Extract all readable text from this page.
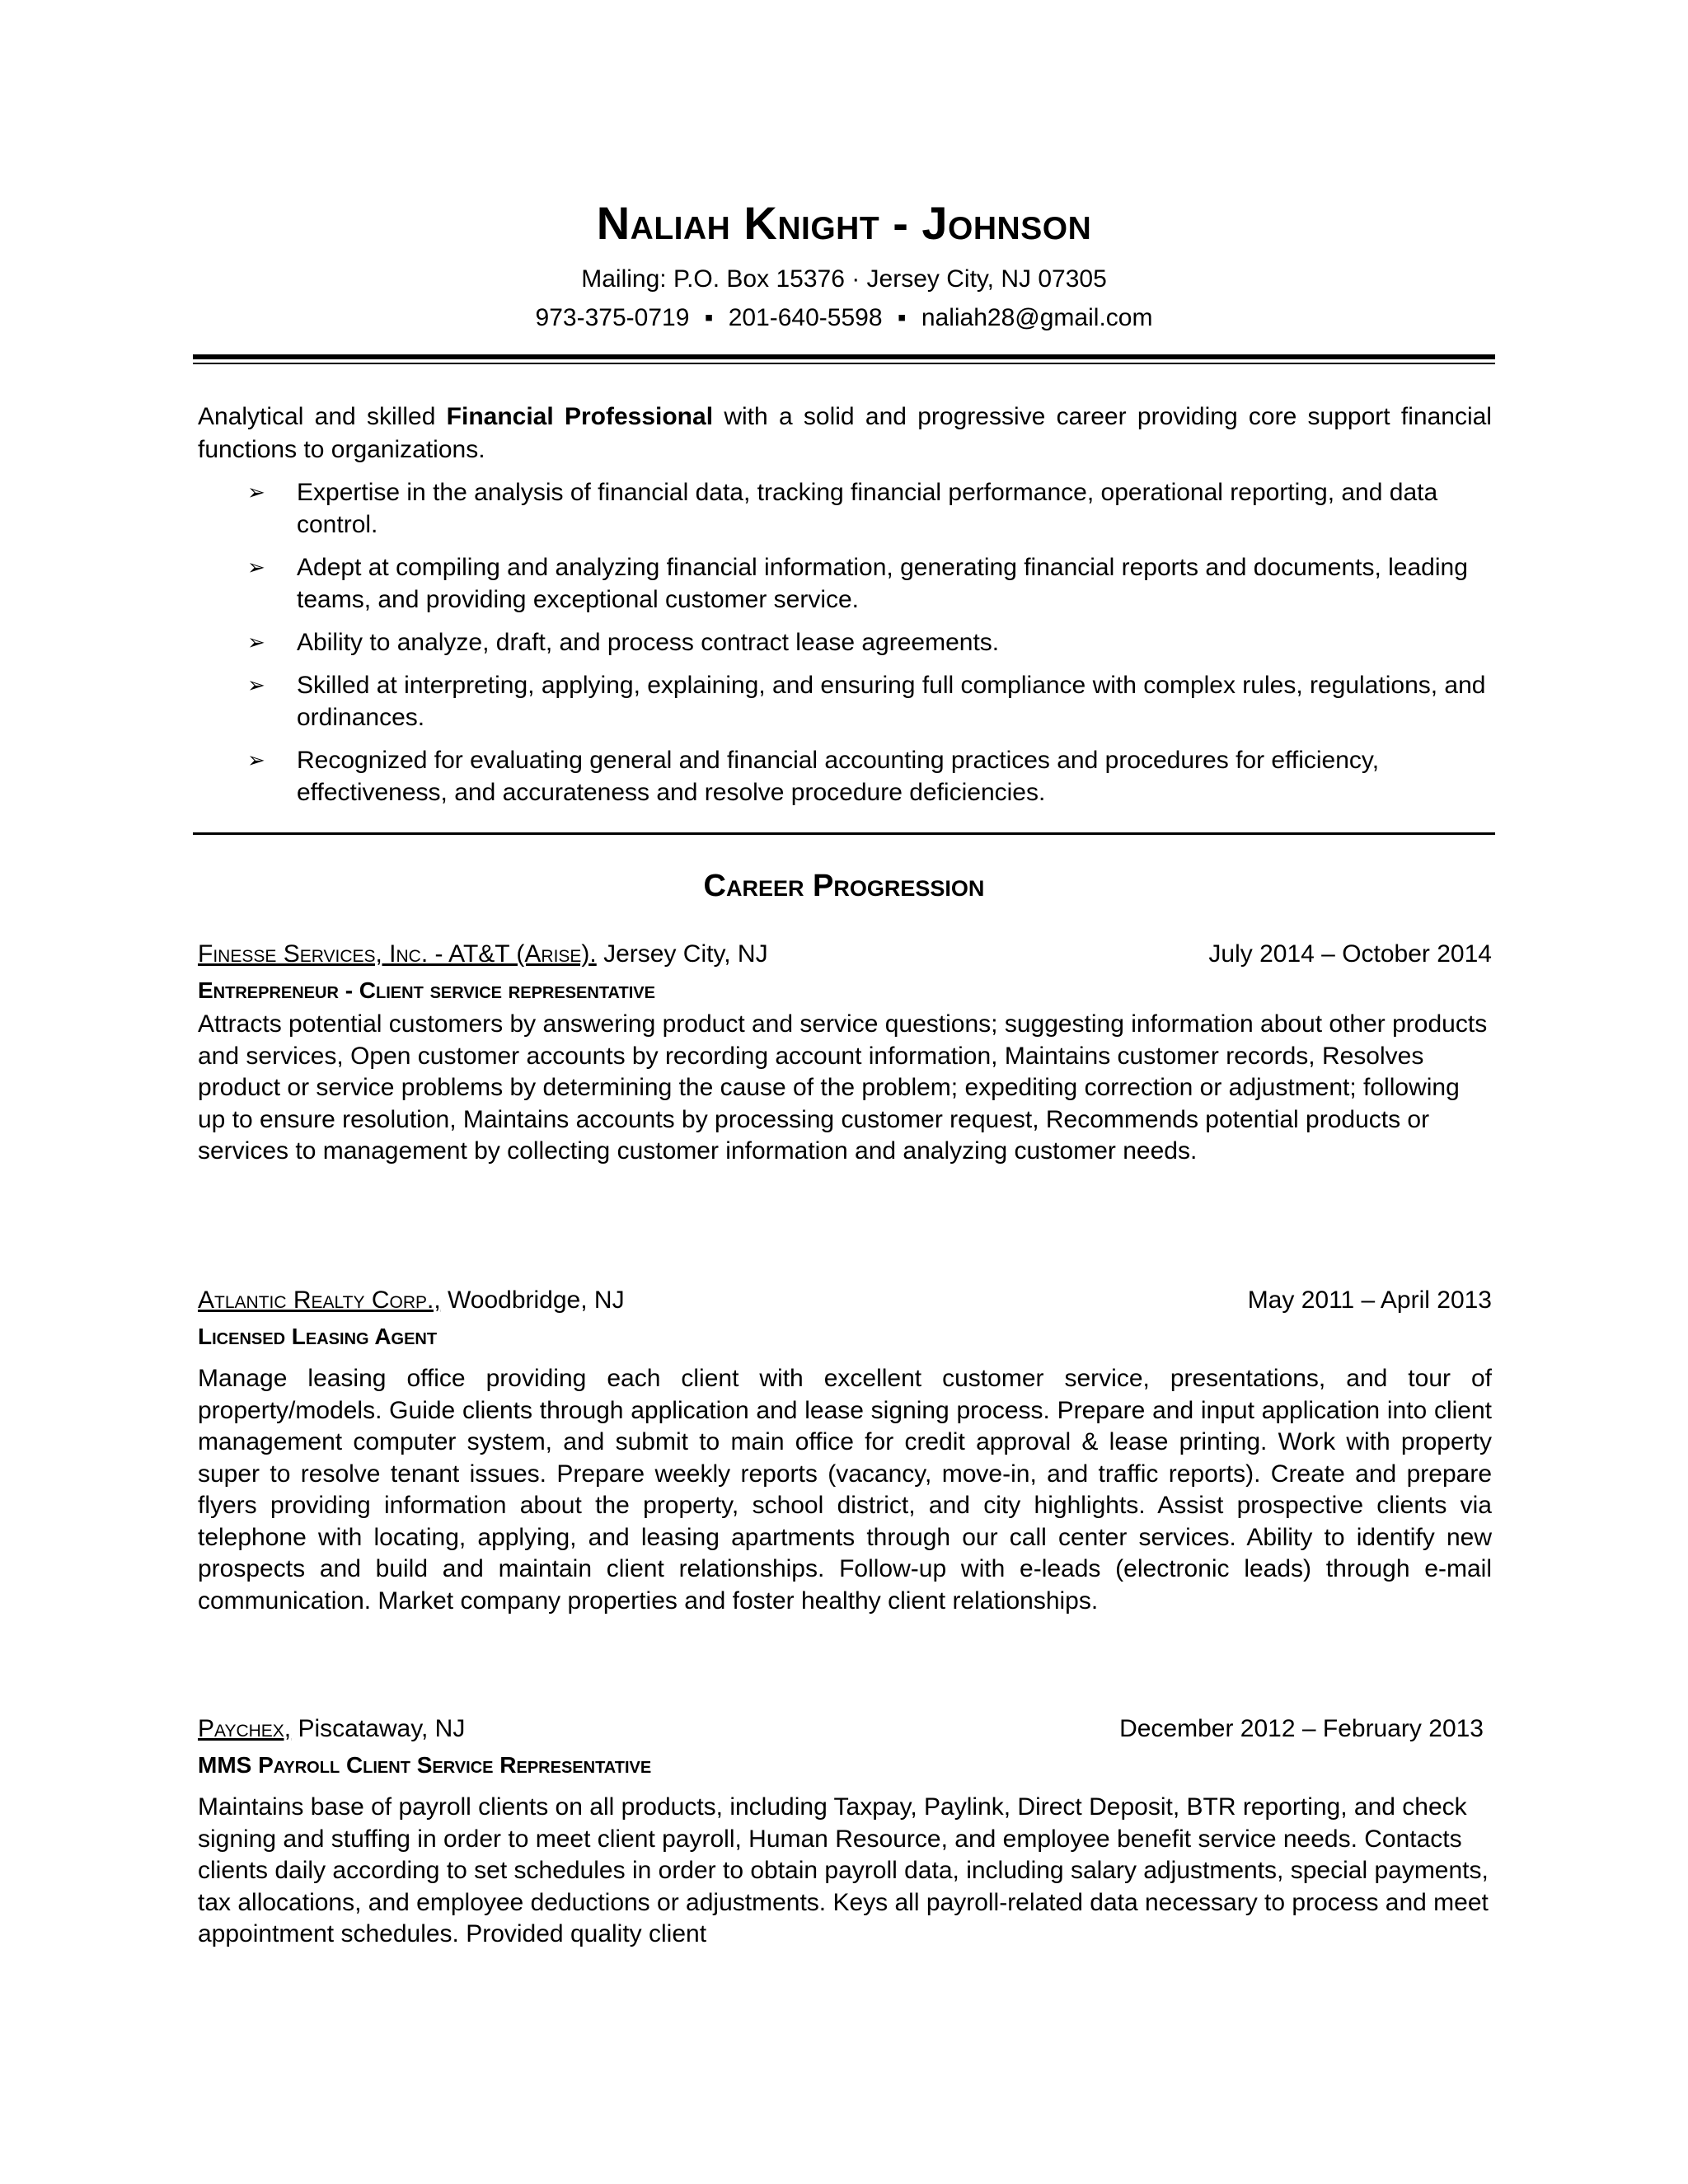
Naliah Knight - Johnson
Mailing: P.O. Box 15376 · Jersey City, NJ 07305
973-375-0719 ▪ 201-640-5598 ▪ naliah28@gmail.com
Analytical and skilled Financial Professional with a solid and progressive career providing core support financial functions to organizations.
➢ Expertise in the analysis of financial data, tracking financial performance, operational reporting, and data control.
➢ Adept at compiling and analyzing financial information, generating financial reports and documents, leading teams, and providing exceptional customer service.
➢ Ability to analyze, draft, and process contract lease agreements.
➢ Skilled at interpreting, applying, explaining, and ensuring full compliance with complex rules, regulations, and ordinances.
➢ Recognized for evaluating general and financial accounting practices and procedures for efficiency, effectiveness, and accurateness and resolve procedure deficiencies.
Career Progression
Finesse Services, Inc. - AT&T (Arise). Jersey City, NJ	July 2014 – October 2014
Entrepreneur - Client service representative
Attracts potential customers by answering product and service questions; suggesting information about other products and services, Open customer accounts by recording account information, Maintains customer records, Resolves product or service problems by determining the cause of the problem; expediting correction or adjustment; following up to ensure resolution, Maintains accounts by processing customer request, Recommends potential products or services to management by collecting customer information and analyzing customer needs.
Atlantic Realty Corp., Woodbridge, NJ	May 2011 – April 2013
Licensed Leasing Agent
Manage leasing office providing each client with excellent customer service, presentations, and tour of property/models. Guide clients through application and lease signing process. Prepare and input application into client management computer system, and submit to main office for credit approval & lease printing. Work with property super to resolve tenant issues. Prepare weekly reports (vacancy, move-in, and traffic reports). Create and prepare flyers providing information about the property, school district, and city highlights. Assist prospective clients via telephone with locating, applying, and leasing apartments through our call center services. Ability to identify new prospects and build and maintain client relationships. Follow-up with e-leads (electronic leads) through e-mail communication. Market company properties and foster healthy client relationships.
Paychex, Piscataway, NJ	December 2012 – February 2013
MMS Payroll Client Service Representative
Maintains base of payroll clients on all products, including Taxpay, Paylink, Direct Deposit, BTR reporting, and check signing and stuffing in order to meet client payroll, Human Resource, and employee benefit service needs. Contacts clients daily according to set schedules in order to obtain payroll data, including salary adjustments, special payments, tax allocations, and employee deductions or adjustments. Keys all payroll-related data necessary to process and meet appointment schedules. Provided quality client
